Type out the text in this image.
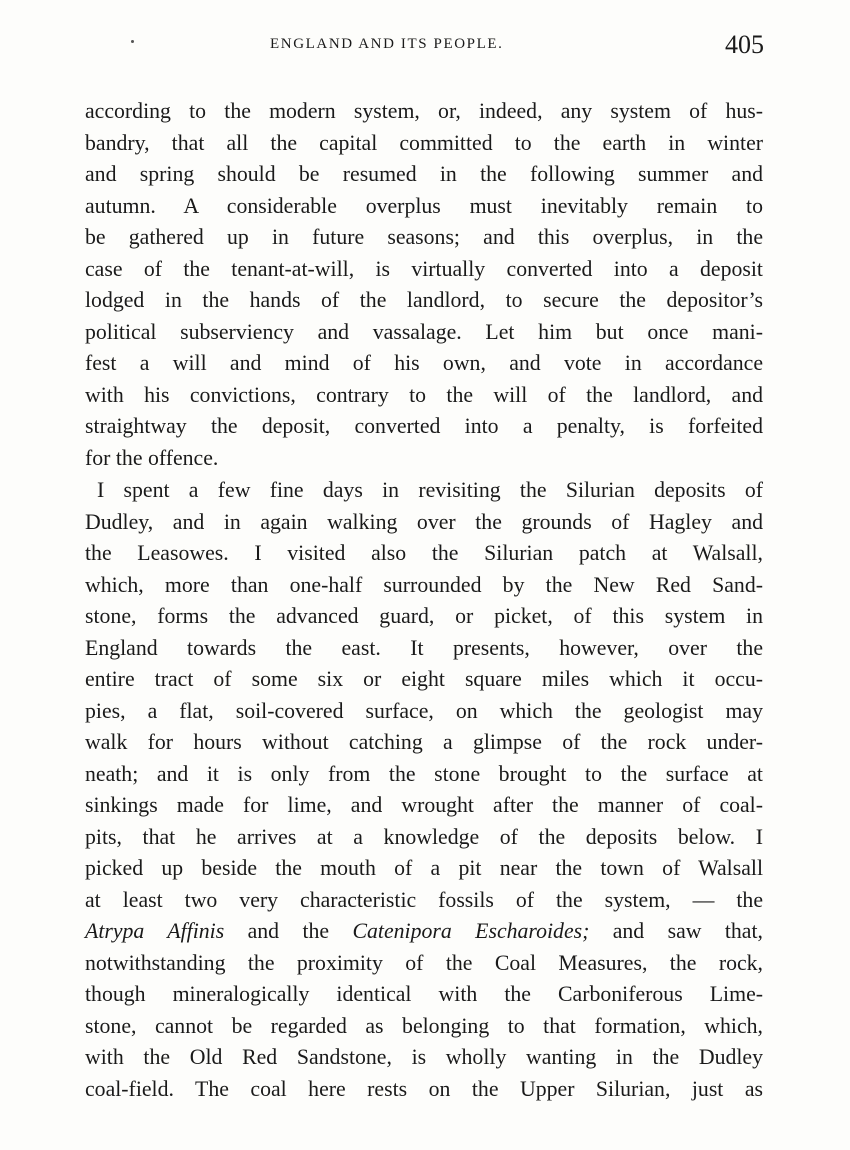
ENGLAND AND ITS PEOPLE.	405
according to the modern system, or, indeed, any system of hus-
bandry, that all the capital committed to the earth in winter
and spring should be resumed in the following summer and
autumn. A considerable overplus must inevitably remain to
be gathered up in future seasons; and this overplus, in the
case of the tenant-at-will, is virtually converted into a deposit
lodged in the hands of the landlord, to secure the depositor’s
political subserviency and vassalage. Let him but once mani-
fest a will and mind of his own, and vote in accordance
with his convictions, contrary to the will of the landlord, and
straightway the deposit, converted into a penalty, is forfeited
for the offence.
I spent a few fine days in revisiting the Silurian deposits of
Dudley, and in again walking over the grounds of Hagley and
the Leasowes. I visited also the Silurian patch at Walsall,
which, more than one-half surrounded by the New Red Sand-
stone, forms the advanced guard, or picket, of this system in
England towards the east. It presents, however, over the
entire tract of some six or eight square miles which it occu-
pies, a flat, soil-covered surface, on which the geologist may
walk for hours without catching a glimpse of the rock under-
neath; and it is only from the stone brought to the surface at
sinkings made for lime, and wrought after the manner of coal-
pits, that he arrives at a knowledge of the deposits below. I
picked up beside the mouth of a pit near the town of Walsall
at least two very characteristic fossils of the system, — the
Atrypa Affinis and the Catenipora Escharoides; and saw that,
notwithstanding the proximity of the Coal Measures, the rock,
though mineralogically identical with the Carboniferous Lime-
stone, cannot be regarded as belonging to that formation, which,
with the Old Red Sandstone, is wholly wanting in the Dudley
coal-field. The coal here rests on the Upper Silurian, just as
